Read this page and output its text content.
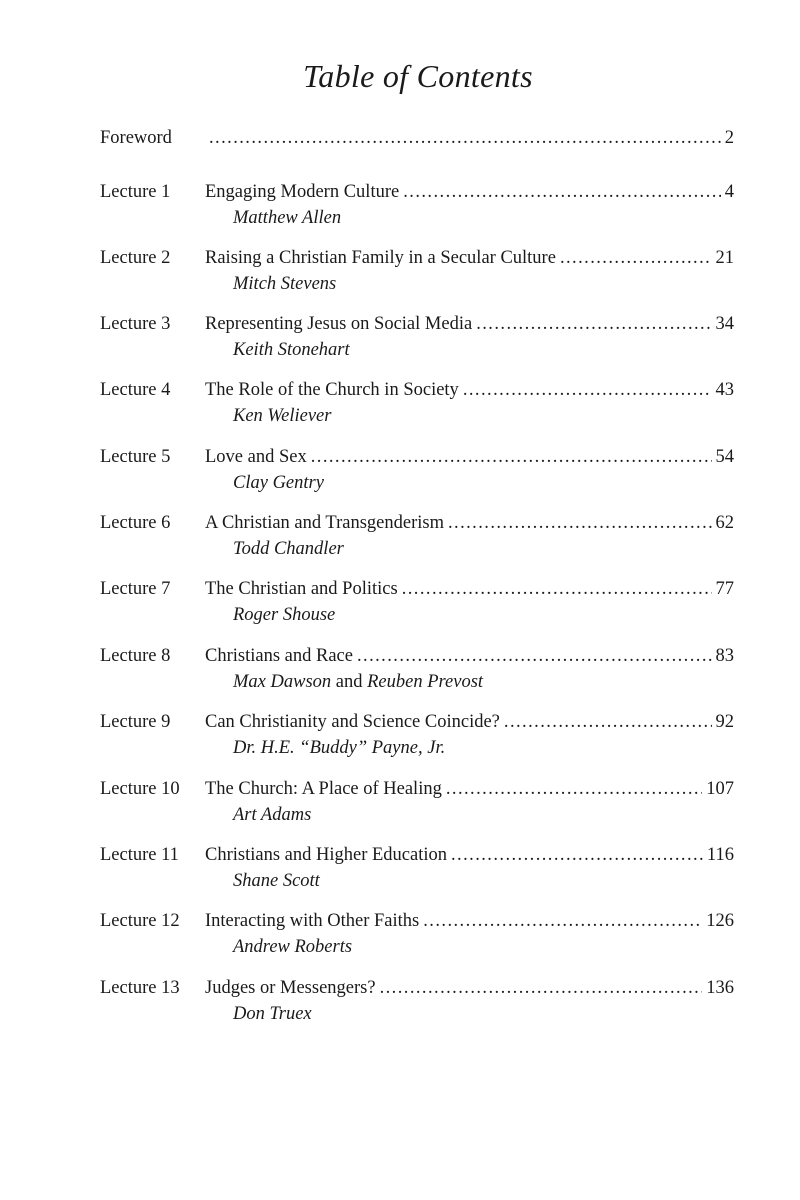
Table of Contents
Foreword . . .	2
Lecture 1	Engaging Modern Culture . . .	4
Matthew Allen
Lecture 2	Raising a Christian Family in a Secular Culture . . .	21
Mitch Stevens
Lecture 3	Representing Jesus on Social Media . . .	34
Keith Stonehart
Lecture 4	The Role of the Church in Society . . .	43
Ken Weliever
Lecture 5	Love and Sex . . .	54
Clay Gentry
Lecture 6	A Christian and Transgenderism . . .	62
Todd Chandler
Lecture 7	The Christian and Politics . . .	77
Roger Shouse
Lecture 8	Christians and Race . . .	83
Max Dawson and Reuben Prevost
Lecture 9	Can Christianity and Science Coincide? . . .	92
Dr. H.E. “Buddy” Payne, Jr.
Lecture 10	The Church: A Place of Healing . . .	107
Art Adams
Lecture 11	Christians and Higher Education . . .	116
Shane Scott
Lecture 12	Interacting with Other Faiths . . .	126
Andrew Roberts
Lecture 13	Judges or Messengers? . . .	136
Don Truex
